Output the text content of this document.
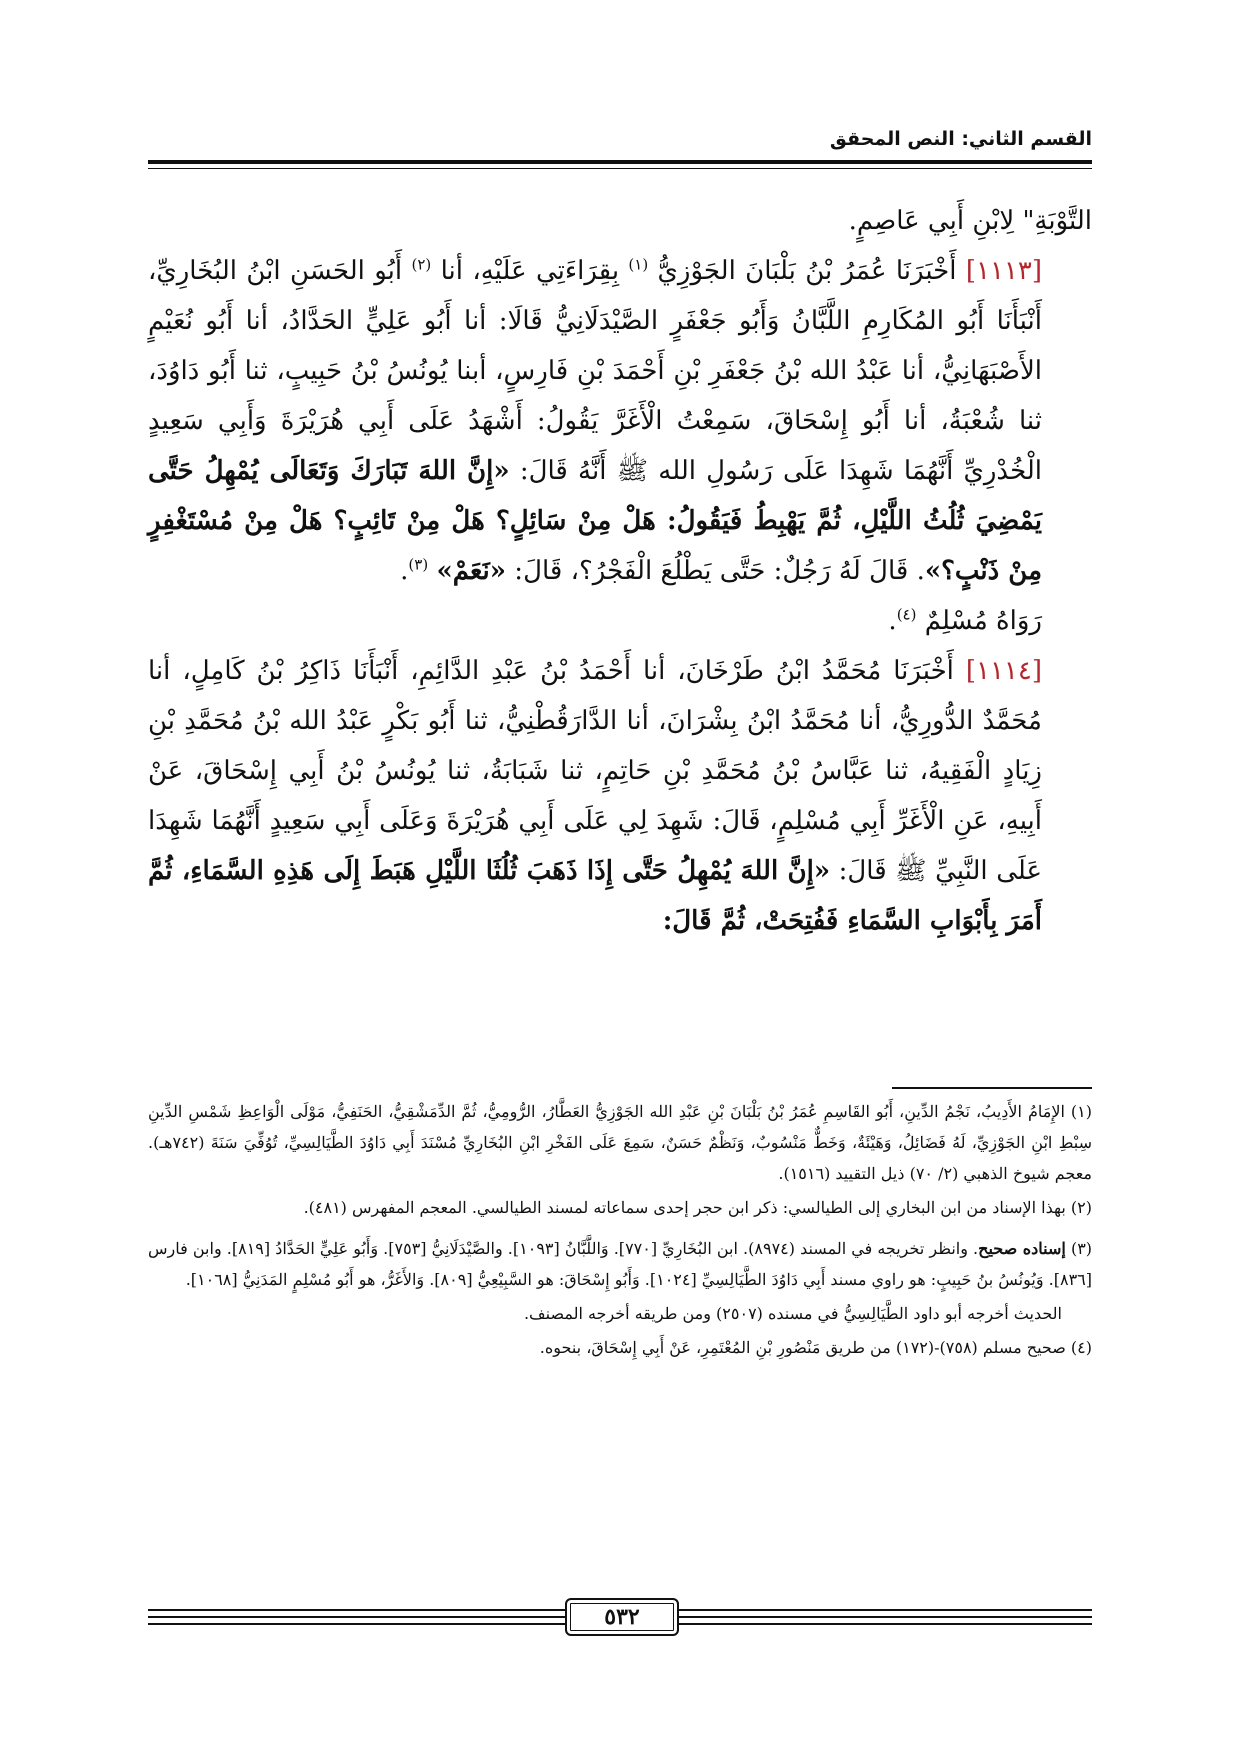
القسم الثاني: النص المحقق

التَّوْبَةِ" لِابْنِ أَبِي عَاصِمٍ.

[١١١٣] أَخْبَرَنَا عُمَرُ بْنُ بَلْبَانَ الجَوْزِيُّ $^{(١)}$ بِقِرَاءَتِي عَلَيْهِ، أنا $^{(٢)}$ أَبُو الحَسَنِ ابْنُ البُخَارِيِّ، أَنْبَأَنَا أَبُو المُكَارِمِ اللَّبَّانُ وَأَبُو جَعْفَرٍ الصَّيْدَلَانِيُّ قَالَا: أنا أَبُو عَلِيٍّ الحَدَّادُ، أنا أَبُو نُعَيْمٍ الأَصْبَهَانِيُّ، أنا عَبْدُ الله بْنُ جَعْفَرِ بْنِ أَحْمَدَ بْنِ فَارِسٍ، أبنا يُونُسُ بْنُ حَبِيبٍ، ثنا أَبُو دَاوُدَ، ثنا شُعْبَةُ، أنا أَبُو إِسْحَاقَ، سَمِعْتُ الْأَغَرَّ يَقُولُ: أَشْهَدُ عَلَى أَبِي هُرَيْرَةَ وَأَبِي سَعِيدٍ الْخُدْرِيِّ أَنَّهُمَا شَهِدَا عَلَى رَسُولِ الله ﷺ أَنَّهُ قَالَ: «إِنَّ اللهَ تَبَارَكَ وَتَعَالَى يُمْهِلُ حَتَّى يَمْضِيَ ثُلُثُ اللَّيْلِ، ثُمَّ يَهْبِطُ فَيَقُولُ: هَلْ مِنْ سَائِلٍ؟ هَلْ مِنْ تَائِبٍ؟ هَلْ مِنْ مُسْتَغْفِرٍ مِنْ ذَنْبٍ؟». قَالَ لَهُ رَجُلٌ: حَتَّى يَطْلُعَ الْفَجْرُ؟، قَالَ: «نَعَمْ» $^{(٣)}$.

رَوَاهُ مُسْلِمٌ $^{(٤)}$.

[١١١٤] أَخْبَرَنَا مُحَمَّدُ ابْنُ طَرْخَانَ، أنا أَحْمَدُ بْنُ عَبْدِ الدَّائِمِ، أَنْبَأَنَا ذَاكِرُ بْنُ كَامِلٍ، أنا مُحَمَّدٌ الدُّورِيُّ، أنا مُحَمَّدُ ابْنُ بِشْرَانَ، أنا الدَّارَقُطْنِيُّ، ثنا أَبُو بَكْرٍ عَبْدُ الله بْنُ مُحَمَّدِ بْنِ زِيَادٍ الْفَقِيهُ، ثنا عَبَّاسُ بْنُ مُحَمَّدِ بْنِ حَاتِمٍ، ثنا شَبَابَةُ، ثنا يُونُسُ بْنُ أَبِي إِسْحَاقَ، عَنْ أَبِيهِ، عَنِ الْأَغَرِّ أَبِي مُسْلِمٍ، قَالَ: شَهِدَ لِي عَلَى أَبِي هُرَيْرَةَ وَعَلَى أَبِي سَعِيدٍ أَنَّهُمَا شَهِدَا عَلَى النَّبِيِّ ﷺ قَالَ: «إِنَّ اللهَ يُمْهِلُ حَتَّى إِذَا ذَهَبَ ثُلُثَا اللَّيْلِ هَبَطَ إِلَى هَذِهِ السَّمَاءِ، ثُمَّ أَمَرَ بِأَبْوَابِ السَّمَاءِ فَفُتِحَتْ، ثُمَّ قَالَ:

(١) الإِمَامُ الأَدِيبُ، نَجْمُ الدِّينِ، أَبُو القَاسِمِ عُمَرُ بْنُ بَلْبَانَ بْنِ عَبْدِ الله الجَوْزِيُّ العَطَّارُ، الرُّومِيُّ، ثُمَّ الدِّمَشْقِيُّ، الحَنَفِيُّ، مَوْلَى الْوَاعِظِ شَمْسِ الدِّينِ سِبْطِ ابْنِ الجَوْزِيِّ، لَهُ فَضَائِلُ، وَهَيْئَةٌ، وَخَطٌّ مَنْسُوبٌ، وَنَظْمٌ حَسَنٌ، سَمِعَ عَلَى الفَخْرِ ابْنِ البُخَارِيِّ مُسْنَدَ أَبِي دَاوُدَ الطَّيَالِسِيِّ، تُوُفِّيَ سَنَةَ (٧٤٢هـ). معجم شيوخ الذهبي (٢/ ٧٠) ذيل التقييد (١٥١٦).

(٢) بهذا الإسناد من ابن البخاري إلى الطيالسي: ذكر ابن حجر إحدى سماعاته لمسند الطيالسي. المعجم المفهرس (٤٨١).

(٣) إسناده صحيح. وانظر تخريجه في المسند (٨٩٧٤). ابن البُخَارِيِّ [٧٧٠]. وَاللَّبَّانُ [١٠٩٣]. والصَّيْدَلَانِيُّ [٧٥٣]. وَأَبُو عَلِيٍّ الحَدَّادُ [٨١٩]. وابن فارس [٨٣٦]. وَيُونُسُ بنُ حَبِيبٍ: هو راوي مسند أَبِي دَاوُدَ الطَّيَالِسِيِّ [١٠٢٤]. وَأَبُو إِسْحَاقَ: هو السَّبِيْعِيُّ [٨٠٩]. وَالأَغَرُّ، هو أَبُو مُسْلِمٍ المَدَنِيُّ [١٠٦٨].

الحديث أخرجه أبو داود الطَّيَالِسِيُّ في مسنده (٢٥٠٧) ومن طريقه أخرجه المصنف.

(٤) صحيح مسلم (٧٥٨)-(١٧٢) من طريق مَنْصُورِ بْنِ المُعْتَمِرِ، عَنْ أَبِي إِسْحَاقَ، بنحوه.

٥٣٢
